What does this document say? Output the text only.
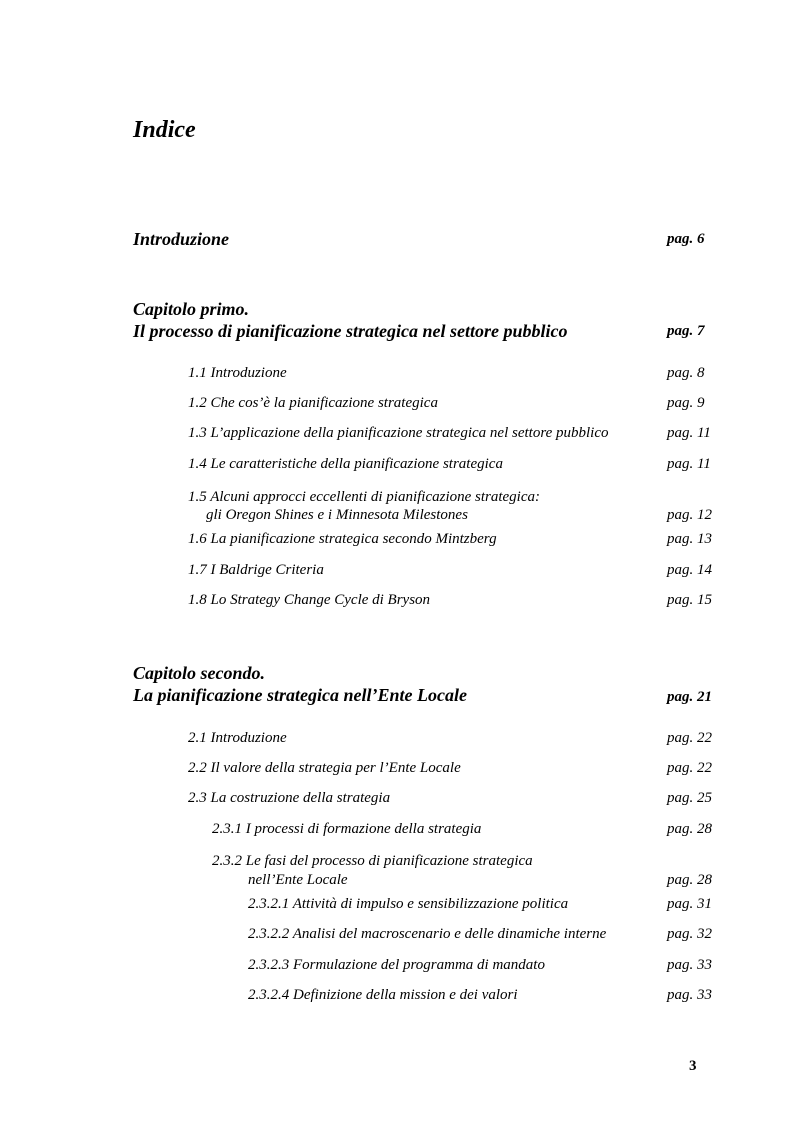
Indice
Introduzione	pag. 6
Capitolo primo.
Il processo di pianificazione strategica nel settore pubblico	pag. 7
1.1 Introduzione	pag. 8
1.2 Che cos’è la pianificazione strategica	pag. 9
1.3 L’applicazione della pianificazione strategica nel settore pubblico	pag. 11
1.4 Le caratteristiche della pianificazione strategica	pag. 11
1.5 Alcuni approcci eccellenti di pianificazione strategica:
gli Oregon Shines e i Minnesota Milestones	pag. 12
1.6 La pianificazione strategica secondo Mintzberg	pag. 13
1.7 I Baldrige Criteria	pag. 14
1.8 Lo Strategy Change Cycle di Bryson	pag. 15
Capitolo secondo.
La pianificazione strategica nell’Ente Locale	pag. 21
2.1 Introduzione	pag. 22
2.2 Il valore della strategia per l’Ente Locale	pag. 22
2.3 La costruzione della strategia	pag. 25
2.3.1 I processi di formazione della strategia	pag. 28
2.3.2 Le fasi del processo di pianificazione strategica
nell’Ente Locale	pag. 28
2.3.2.1 Attività di impulso e sensibilizzazione politica	pag. 31
2.3.2.2 Analisi del macroscenario e delle dinamiche interne	pag. 32
2.3.2.3 Formulazione del programma di mandato	pag. 33
2.3.2.4 Definizione della mission e dei valori	pag. 33
3
